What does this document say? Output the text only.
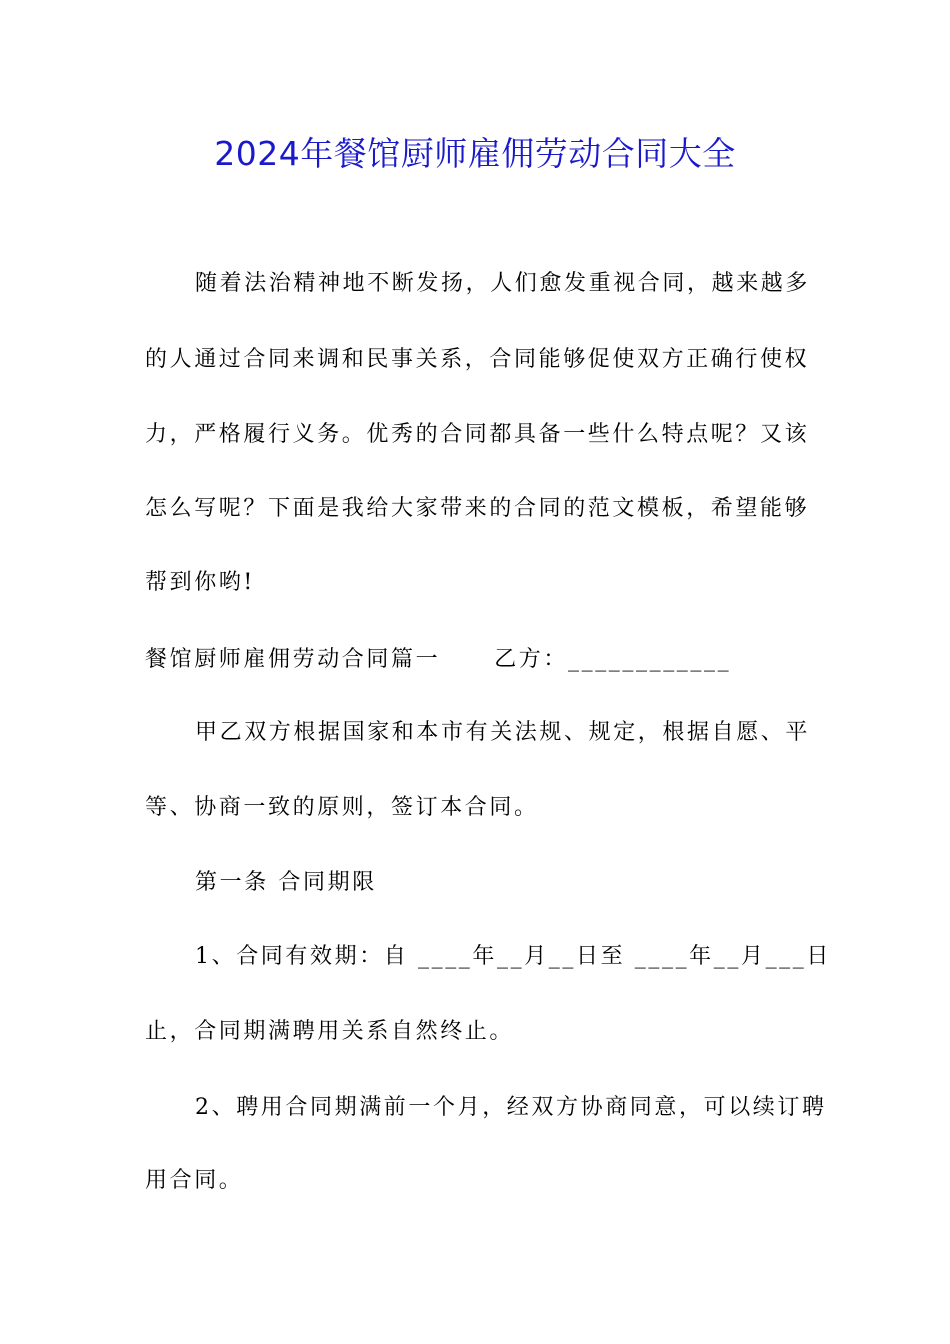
2024年餐馆厨师雇佣劳动合同大全
随着法治精神地不断发扬，人们愈发重视合同，越来越多
的人通过合同来调和民事关系，合同能够促使双方正确行使权
力，严格履行义务。优秀的合同都具备一些什么特点呢？又该
怎么写呢？下面是我给大家带来的合同的范文模板，希望能够
帮到你哟!
餐馆厨师雇佣劳动合同篇一 乙方：____________
甲乙双方根据国家和本市有关法规、规定，根据自愿、平
等、协商一致的原则，签订本合同。
第一条 合同期限
1、合同有效期：自 ____年__月__日至 ____年__月___日
止，合同期满聘用关系自然终止。
2、聘用合同期满前一个月，经双方协商同意，可以续订聘
用合同。
